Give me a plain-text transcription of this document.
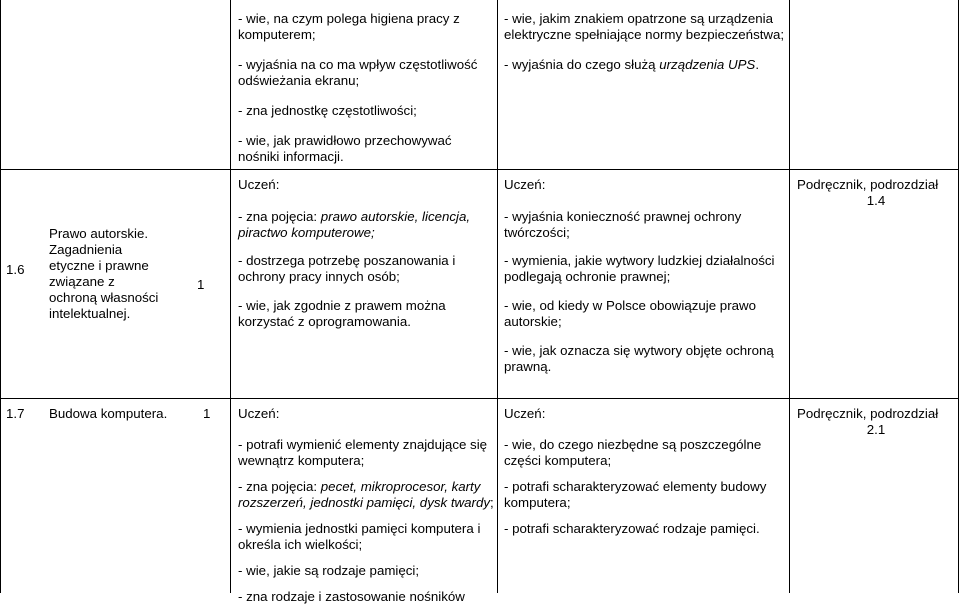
- wie, na czym polega higiena pracy z komputerem;

- wyjaśnia na co ma wpływ częstotliwość odświeżania ekranu;

- zna jednostkę częstotliwości;

- wie, jak prawidłowo przechowywać nośniki informacji.

- wie, jakim znakiem opatrzone są urządzenia elektryczne spełniające normy bezpieczeństwa;

- wyjaśnia do czego służą urządzenia UPS.

1.6
Prawo autorskie. Zagadnienia etyczne i prawne związane z ochroną własności intelektualnej.
1

Uczeń:

- zna pojęcia: prawo autorskie, licencja, piractwo komputerowe;

- dostrzega potrzebę poszanowania i ochrony pracy innych osób;

- wie, jak zgodnie z prawem można korzystać z oprogramowania.

Uczeń:

- wyjaśnia konieczność prawnej ochrony twórczości;

- wymienia, jakie wytwory ludzkiej działalności podlegają ochronie prawnej;

- wie, od kiedy w Polsce obowiązuje prawo autorskie;

- wie, jak oznacza się wytwory objęte ochroną prawną.

Podręcznik, podrozdział

1.4

1.7 Budowa komputera.	1 Uczeń:

- potrafi wymienić elementy znajdujące się wewnątrz komputera;

- zna pojęcia: pecet, mikroprocesor, karty rozszerzeń, jednostki pamięci, dysk twardy;

- wymienia jednostki pamięci komputera i określa ich wielkości;

- wie, jakie są rodzaje pamięci;

- zna rodzaje i zastosowanie nośników

Uczeń:

- wie, do czego niezbędne są poszczególne części komputera;

- potrafi scharakteryzować elementy budowy komputera;

- potrafi scharakteryzować rodzaje pamięci.

Podręcznik, podrozdział

2.1
